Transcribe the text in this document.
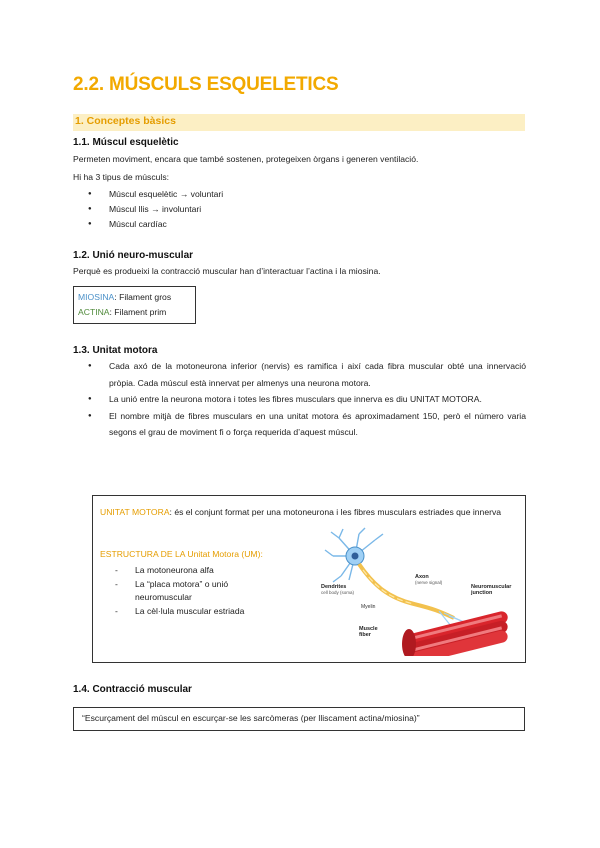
2.2. MÚSCULS ESQUELETICS
1. Conceptes bàsics
1.1. Múscul esquelètic
Permeten moviment, encara que també sostenen, protegeixen òrgans i generen ventilació.
Hi ha 3 tipus de músculs:
● Múscul esquelètic → voluntari
● Múscul llis → involuntari
● Múscul cardíac
1.2. Unió neuro-muscular
Perquè es produeixi la contracció muscular han d’interactuar l’actina i la miosina.
MIOSINA: Filament gros
ACTINA: Filament prim
1.3. Unitat motora
● Cada axó de la motoneurona inferior (nervis) es ramifica i així cada fibra muscular obté una innervació pròpia. Cada múscul està innervat per almenys una neurona motora.
● La unió entre la neurona motora i totes les fibres musculars que innerva es diu UNITAT MOTORA.
● El nombre mitjà de fibres musculars en una unitat motora és aproximadament 150, però el número varia segons el grau de moviment fi o força requerida d’aquest múscul.
UNITAT MOTORA: és el conjunt format per una motoneurona i les fibres musculars estriades que innerva
ESTRUCTURA DE LA Unitat Motora (UM):
- La motoneurona alfa
- La “placa motora” o unió neuromuscular
- La cèl·lula muscular estriada
Dendrites
cell body (soma)
Axon
(nerve signal)
Myelin
Neuromuscular
junction
Muscle
fiber
1.4. Contracció muscular
“Escurçament del múscul en escurçar-se les sarcòmeras (per lliscament actina/miosina)”
